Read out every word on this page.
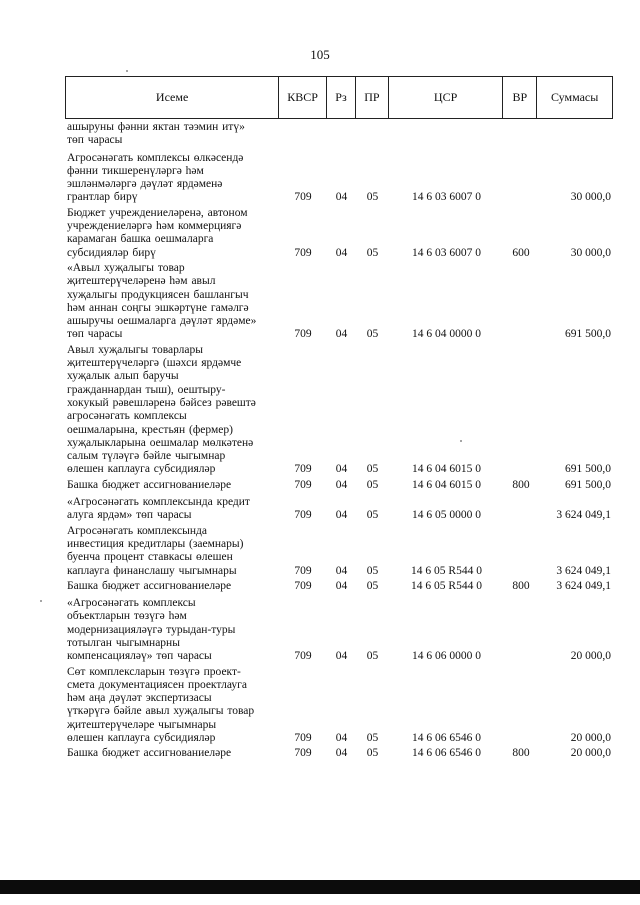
105
Исеме	КВСР	Рз	ПР	ЦСР	ВР	Суммасы
ашыруны фәнни яктан тәэмин итү»
төп чарасы
Агросәнәгать комплексы өлкәсендә
фәнни тикшеренүләргә һәм
эшләнмәләргә дәүләт ярдәменә
грантлар бирү	709	04	05	14 6 03 6007 0	30 000,0
Бюджет учреждениеләренә, автоном
учреждениеләргә һәм коммерциягә
карамаган башка оешмаларга
субсидияләр бирү	709	04	05	14 6 03 6007 0	600	30 000,0
«Авыл хуҗалыгы товар
җитештерүчеләренә һәм авыл
хуҗалыгы продукциясен башлангыч
һәм аннан соңгы эшкәртүне гамәлгә
ашыручы оешмаларга дәүләт ярдәме»
төп чарасы	709	04	05	14 6 04 0000 0	691 500,0
Авыл хуҗалыгы товарлары
җитештерүчеләргә (шәхси ярдәмче
хуҗалык алып баручы
гражданнардан тыш), оештыру-
хокукый рәвешләренә бәйсез рәвештә
агросәнәгать комплексы
оешмаларына, крестьян (фермер)
хуҗалыкларына оешмалар мөлкәтенә
салым түләүгә бәйле чыгымнар
өлешен каплауга субсидияләр	709	04	05	14 6 04 6015 0	691 500,0
Башка бюджет ассигнованиеләре	709	04	05	14 6 04 6015 0	800	691 500,0
«Агросәнәгать комплексында кредит
алуга ярдәм» төп чарасы	709	04	05	14 6 05 0000 0	3 624 049,1
Агросәнәгать комплексында
инвестиция кредитлары (заемнары)
буенча процент ставкасы өлешен
каплауга финанслашу чыгымнары	709	04	05	14 6 05 R544 0	3 624 049,1
Башка бюджет ассигнованиеләре	709	04	05	14 6 05 R544 0	800	3 624 049,1
«Агросәнәгать комплексы
объектларын төзүгә һәм
модернизацияләүгә турыдан-туры
тотылган чыгымнарны
компенсацияләү» төп чарасы	709	04	05	14 6 06 0000 0	20 000,0
Сөт комплексларын төзүгә проект-
смета документациясен проектлауга
һәм аңа дәүләт экспертизасы
үткәрүгә бәйле авыл хуҗалыгы товар
җитештерүчеләре чыгымнары
өлешен каплауга субсидияләр	709	04	05	14 6 06 6546 0	20 000,0
Башка бюджет ассигнованиеләре	709	04	05	14 6 06 6546 0	800	20 000,0
